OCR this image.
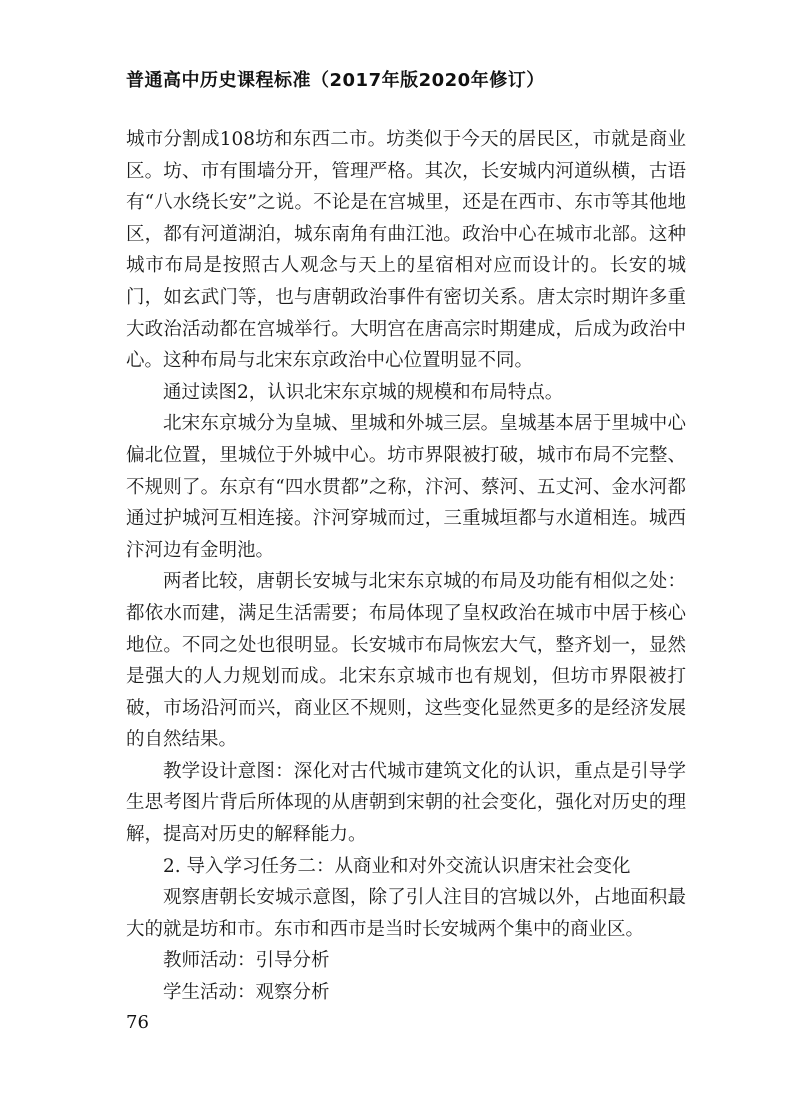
普通高中历史课程标准（2017年版2020年修订）

城市分割成108坊和东西二市。坊类似于今天的居民区，市就是商业区。坊、市有围墙分开，管理严格。其次，长安城内河道纵横，古语有“八水绕长安”之说。不论是在宫城里，还是在西市、东市等其他地区，都有河道湖泊，城东南角有曲江池。政治中心在城市北部。这种城市布局是按照古人观念与天上的星宿相对应而设计的。长安的城门，如玄武门等，也与唐朝政治事件有密切关系。唐太宗时期许多重大政治活动都在宫城举行。大明宫在唐高宗时期建成，后成为政治中心。这种布局与北宋东京政治中心位置明显不同。

通过读图2，认识北宋东京城的规模和布局特点。

北宋东京城分为皇城、里城和外城三层。皇城基本居于里城中心偏北位置，里城位于外城中心。坊市界限被打破，城市布局不完整、不规则了。东京有“四水贯都”之称，汴河、蔡河、五丈河、金水河都通过护城河互相连接。汴河穿城而过，三重城垣都与水道相连。城西汴河边有金明池。

两者比较，唐朝长安城与北宋东京城的布局及功能有相似之处：都依水而建，满足生活需要；布局体现了皇权政治在城市中居于核心地位。不同之处也很明显。长安城市布局恢宏大气，整齐划一，显然是强大的人力规划而成。北宋东京城市也有规划，但坊市界限被打破，市场沿河而兴，商业区不规则，这些变化显然更多的是经济发展的自然结果。

教学设计意图：深化对古代城市建筑文化的认识，重点是引导学生思考图片背后所体现的从唐朝到宋朝的社会变化，强化对历史的理解，提高对历史的解释能力。

2. 导入学习任务二：从商业和对外交流认识唐宋社会变化

观察唐朝长安城示意图，除了引人注目的宫城以外，占地面积最大的就是坊和市。东市和西市是当时长安城两个集中的商业区。

教师活动：引导分析

学生活动：观察分析

76
